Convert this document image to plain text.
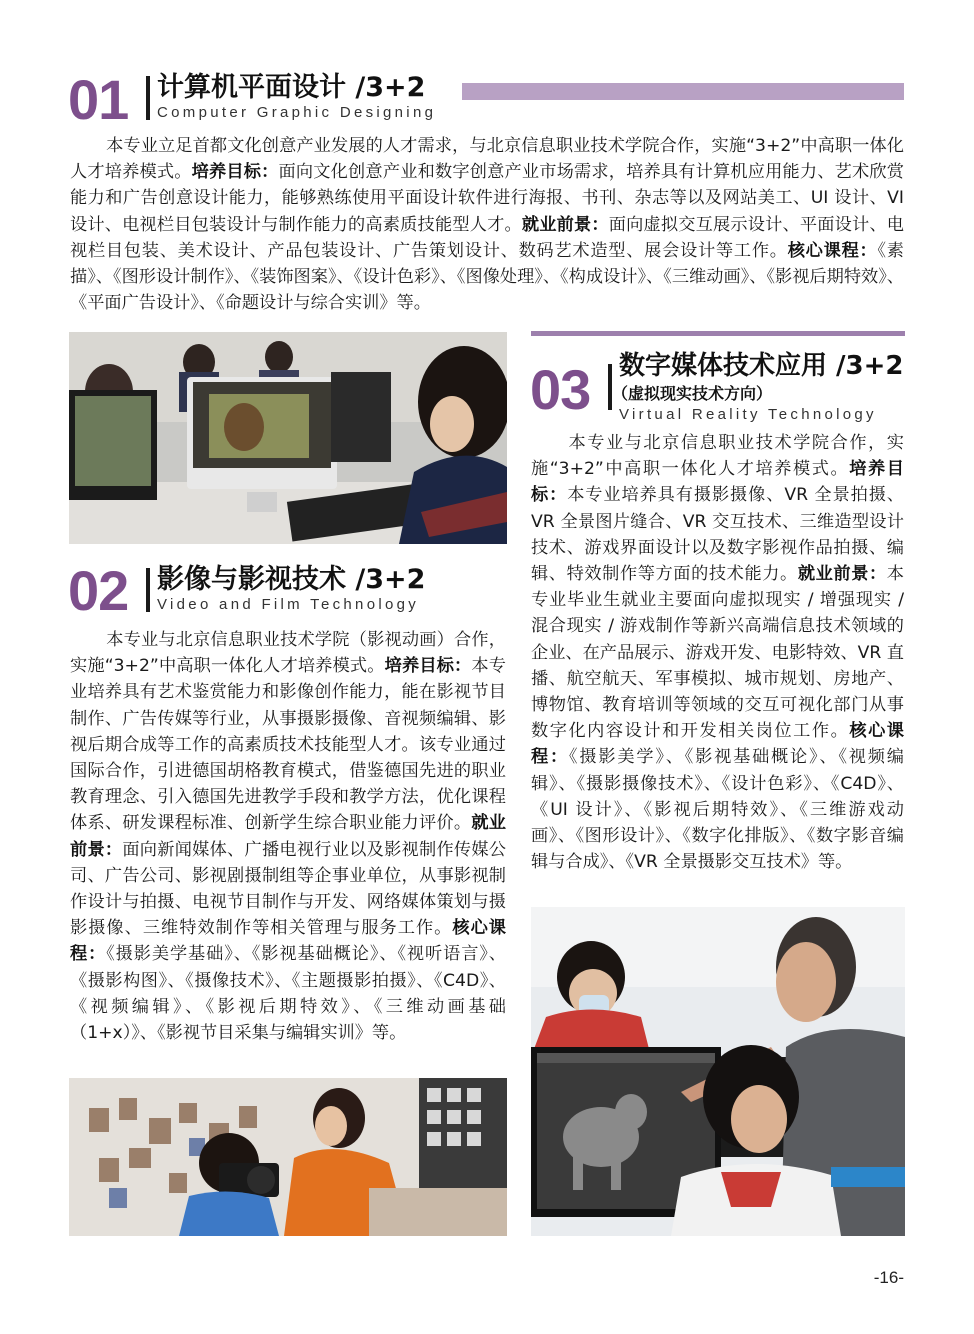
01 计算机平面设计 /3+2
Computer Graphic Designing
本专业立足首都文化创意产业发展的人才需求，与北京信息职业技术学院合作，实施“3+2”中高职一体化人才培养模式。培养目标：面向文化创意产业和数字创意产业市场需求，培养具有计算机应用能力、艺术欣赏能力和广告创意设计能力，能够熟练使用平面设计软件进行海报、书刊、杂志等以及网站美工、UI 设计、VI 设计、电视栏目包装设计与制作能力的高素质技能型人才。就业前景：面向虚拟交互展示设计、平面设计、电视栏目包装、美术设计、产品包装设计、广告策划设计、数码艺术造型、展会设计等工作。核心课程：《素描》、《图形设计制作》、《装饰图案》、《设计色彩》、《图像处理》、《构成设计》、《三维动画》、《影视后期特效》、《平面广告设计》、《命题设计与综合实训》等。
02 影像与影视技术 /3+2
Video and Film Technology
本专业与北京信息职业技术学院（影视动画）合作，实施“3+2”中高职一体化人才培养模式。培养目标：本专业培养具有艺术鉴赏能力和影像创作能力，能在影视节目制作、广告传媒等行业，从事摄影摄像、音视频编辑、影视后期合成等工作的高素质技术技能型人才。该专业通过国际合作，引进德国胡格教育模式，借鉴德国先进的职业教育理念、引入德国先进教学手段和教学方法，优化课程体系、研发课程标准、创新学生综合职业能力评价。就业前景：面向新闻媒体、广播电视行业以及影视制作传媒公司、广告公司、影视剧摄制组等企事业单位，从事影视制作设计与拍摄、电视节目制作与开发、网络媒体策划与摄影摄像、三维特效制作等相关管理与服务工作。核心课程：《摄影美学基础》、《影视基础概论》、《视听语言》、《摄影构图》、《摄像技术》、《主题摄影拍摄》、《C4D》、《视频编辑》、《影视后期特效》、《三维动画基础（1+x）》、《影视节目采集与编辑实训》等。
03 数字媒体技术应用 /3+2
（虚拟现实技术方向）
Virtual Reality Technology
本专业与北京信息职业技术学院合作，实施“3+2”中高职一体化人才培养模式。培养目标：本专业培养具有摄影摄像、VR 全景拍摄、VR 全景图片缝合、VR 交互技术、三维造型设计技术、游戏界面设计以及数字影视作品拍摄、编辑、特效制作等方面的技术能力。就业前景：本专业毕业生就业主要面向虚拟现实 / 增强现实 / 混合现实 / 游戏制作等新兴高端信息技术领域的企业、在产品展示、游戏开发、电影特效、VR 直播、航空航天、军事模拟、城市规划、房地产、博物馆、教育培训等领域的交互可视化部门从事数字化内容设计和开发相关岗位工作。核心课程：《摄影美学》、《影视基础概论》、《视频编辑》、《摄影摄像技术》、《设计色彩》、《C4D》、《UI 设计》、《影视后期特效》、《三维游戏动画》、《图形设计》、《数字化排版》、《数字影音编辑与合成》、《VR 全景摄影交互技术》等。
-16-
